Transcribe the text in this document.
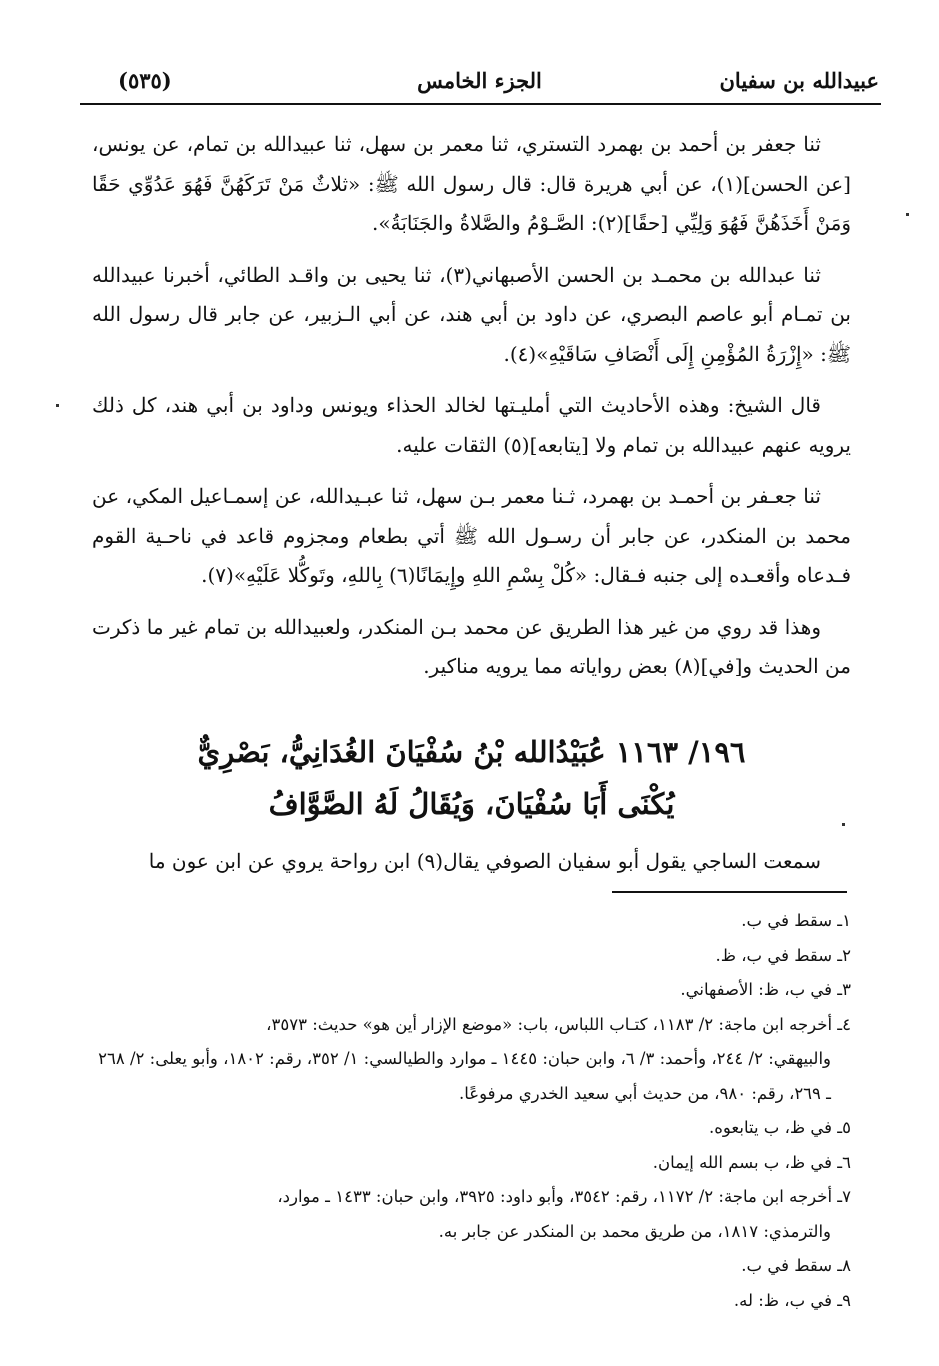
عبيدالله بن سفيان
الجزء الخامس
(٥٣٥)

ثنا جعفر بن أحمد بن بهمرد التستري، ثنا معمر بن سهل، ثنا عبيدالله بن تمام، عن يونس، [عن الحسن](١)، عن أبي هريرة قال: قال رسول الله ﷺ: «ثلاثٌ مَنْ تَرَكَهُنَّ فَهُوَ عَدُوِّي حَقًا وَمَنْ أَخَذَهُنَّ فَهُوَ وَلِيِّي [حقًا](٢): الصَّـوْمُ والصَّلاةُ والجَنَابَةُ».

ثنا عبدالله بن محمـد بن الحسن الأصبهاني(٣)، ثنا يحيى بن واقـد الطائي، أخبرنا عبيدالله بن تمـام أبو عاصم البصري، عن داود بن أبي هند، عن أبي الـزبير، عن جابر قال رسول الله ﷺ: «إِزْرَةُ المُؤْمِنِ إِلَى أَنْصَافِ سَاقَيْهِ»(٤).

قال الشيخ: وهذه الأحاديث التي أمليـتها لخالد الحذاء ويونس وداود بن أبي هند، كل ذلك يرويه عنهم عبيدالله بن تمام ولا [يتابعه](٥) الثقات عليه.

ثنا جعـفر بن أحمـد بن بهمرد، ثـنا معمر بـن سهل، ثنا عبـيدالله، عن إسمـاعيل المكي، عن محمد بن المنكدر، عن جابر أن رسـول الله ﷺ أتي بطعام ومجزوم قاعد في ناحـية القوم فـدعاه وأقعـده إلى جنبه فـقال: «كُلْ بِسْمِ اللهِ وإِيمَانًا(٦) بِاللهِ، وتَوكُّلا عَلَيْهِ»(٧).

وهذا قد روي من غير هذا الطريق عن محمد بـن المنكدر، ولعبيدالله بن تمام غير ما ذكرت من الحديث و[في](٨) بعض رواياته مما يرويه مناكير.

١٩٦/ ١١٦٣ عُبَيْدُالله بْنُ سُفْيَانَ الغُدَانِيُّ، بَصْرِيٌّ
يُكْنَى أَبَا سُفْيَانَ، وَيُقَالُ لَهُ الصَّوَّافُ
سمعت الساجي يقول أبو سفيان الصوفي يقال(٩) ابن رواحة يروي عن ابن عون ما
١ـ سقط في ب.
٢ـ سقط في ب، ظ.
٣ـ في ب، ظ: الأصفهاني.
٤ـ أخرجه ابن ماجة: ٢/ ١١٨٣، كتـاب اللباس، باب: «موضع الإزار أين هو» حديث: ٣٥٧٣،
والبيهقي: ٢/ ٢٤٤، وأحمد: ٣/ ٦، وابن حبان: ١٤٤٥ ـ موارد والطيالسي: ١/ ٣٥٢، رقم: ١٨٠٢، وأبو يعلى: ٢/ ٢٦٨ ـ ٢٦٩، رقم: ٩٨٠، من حديث أبي سعيد الخدري مرفوعًا.
٥ـ في ظ، ب يتابعوه.
٦ـ في ظ، ب بسم الله إيمان.
٧ـ أخرجه ابن ماجة: ٢/ ١١٧٢، رقم: ٣٥٤٢، وأبو داود: ٣٩٢٥، وابن حبان: ١٤٣٣ ـ موارد،
والترمذي: ١٨١٧، من طريق محمد بن المنكدر عن جابر به.
٨ـ سقط في ب.
٩ـ في ب، ظ: له.
